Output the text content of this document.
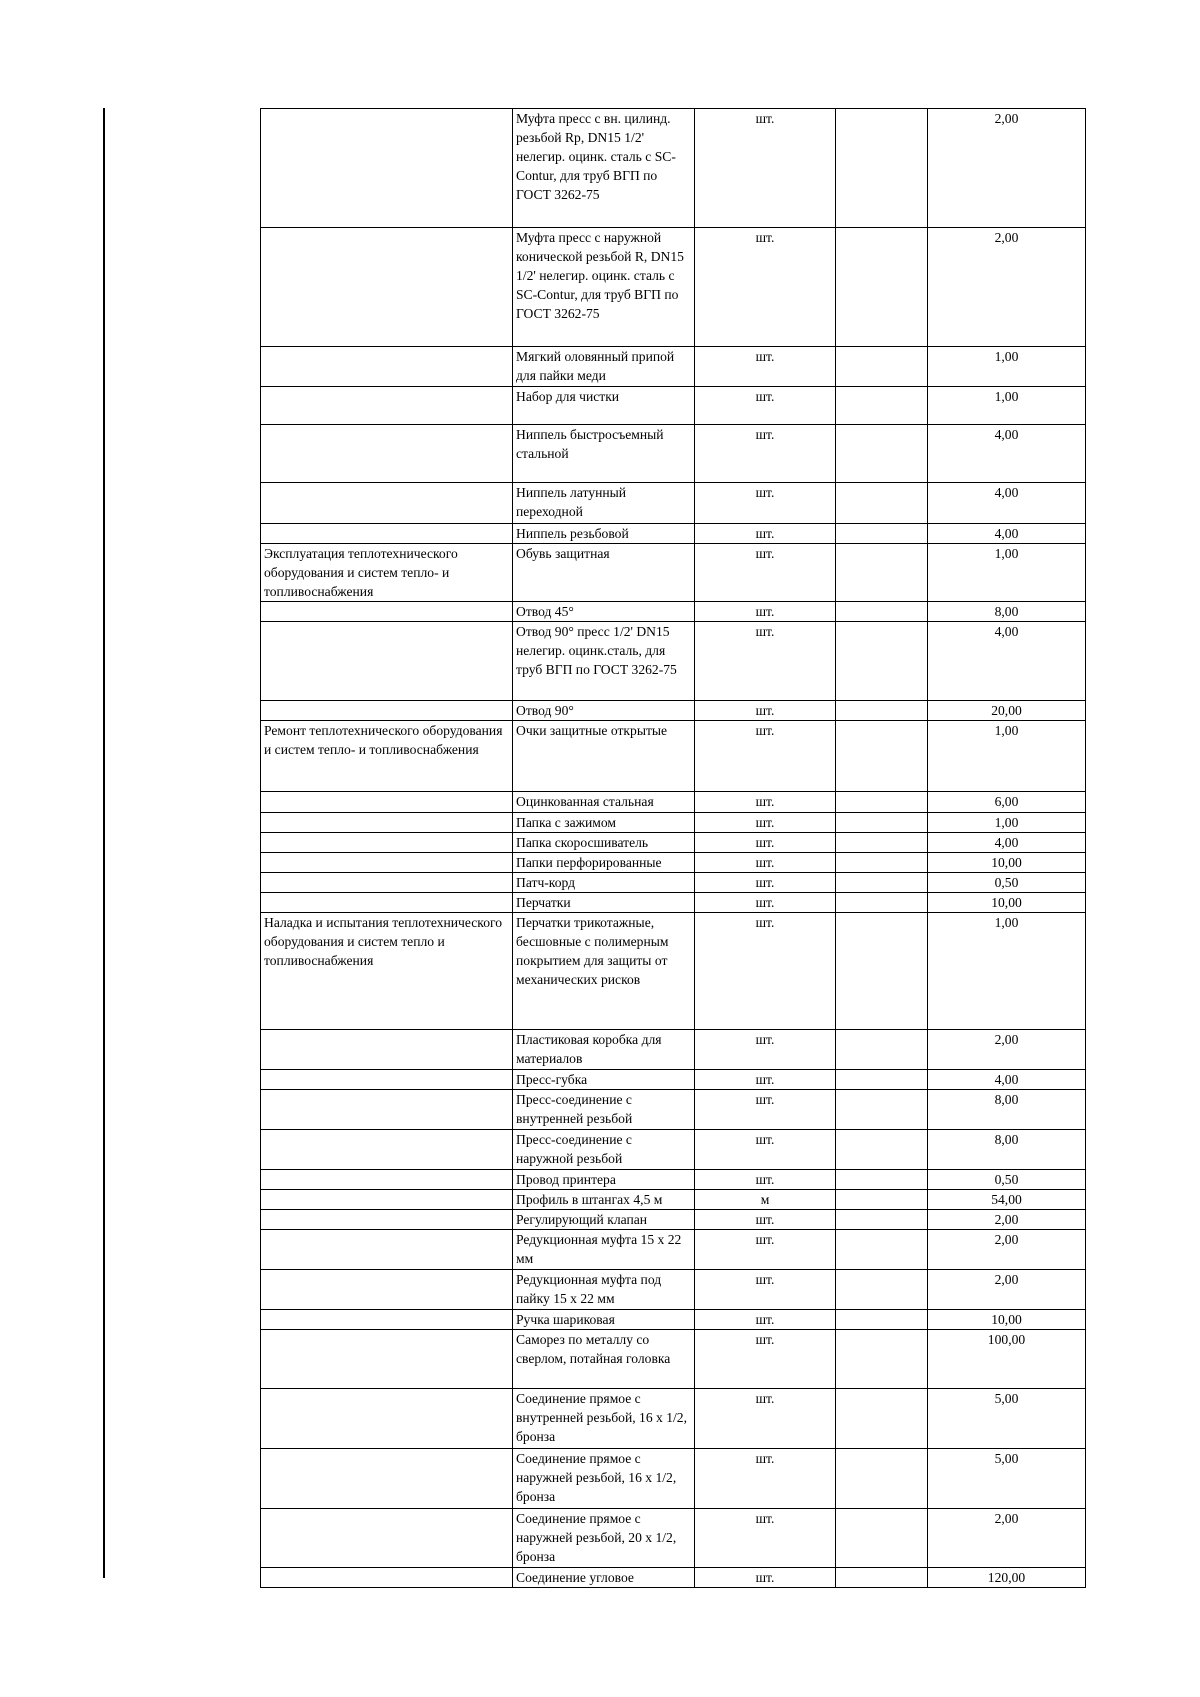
	Муфта пресс с вн. цилинд. резьбой Rp, DN15 1/2' нелегир. оцинк. сталь с SC-Contur, для труб ВГП по ГОСТ 3262-75	шт.		2,00
	Муфта пресс с наружной конической резьбой R, DN15 1/2' нелегир. оцинк. сталь с SC-Contur, для труб ВГП по ГОСТ 3262-75	шт.		2,00
	Мягкий оловянный припой для пайки меди	шт.		1,00
	Набор для чистки	шт.		1,00
	Ниппель быстросъемный стальной	шт.		4,00
	Ниппель латунный переходной	шт.		4,00
	Ниппель резьбовой	шт.		4,00
Эксплуатация теплотехнического оборудования и систем тепло- и топливоснабжения	Обувь защитная	шт.		1,00
	Отвод 45°	шт.		8,00
	Отвод 90° пресс 1/2' DN15 нелегир. оцинк.сталь, для труб ВГП по ГОСТ 3262-75	шт.		4,00
	Отвод 90°	шт.		20,00
Ремонт теплотехнического оборудования и систем тепло- и топливоснабжения	Очки защитные открытые	шт.		1,00
	Оцинкованная стальная	шт.		6,00
	Папка с зажимом	шт.		1,00
	Папка скоросшиватель	шт.		4,00
	Папки перфорированные	шт.		10,00
	Патч-корд	шт.		0,50
	Перчатки	шт.		10,00
Наладка и испытания теплотехнического оборудования и систем тепло и топливоснабжения	Перчатки трикотажные, бесшовные с полимерным покрытием для защиты от механических рисков	шт.		1,00
	Пластиковая коробка для материалов	шт.		2,00
	Пресс-губка	шт.		4,00
	Пресс-соединение с внутренней резьбой	шт.		8,00
	Пресс-соединение с наружной резьбой	шт.		8,00
	Провод принтера	шт.		0,50
	Профиль в штангах 4,5 м	м		54,00
	Регулирующий клапан	шт.		2,00
	Редукционная муфта 15 х 22 мм	шт.		2,00
	Редукционная муфта под пайку 15 х 22 мм	шт.		2,00
	Ручка шариковая	шт.		10,00
	Саморез по металлу со сверлом, потайная головка	шт.		100,00
	Соединение прямое с внутренней резьбой, 16 х 1/2, бронза	шт.		5,00
	Соединение прямое с наружней резьбой, 16 х 1/2, бронза	шт.		5,00
	Соединение прямое с наружней резьбой, 20 х 1/2, бронза	шт.		2,00
	Соединение угловое	шт.		120,00
